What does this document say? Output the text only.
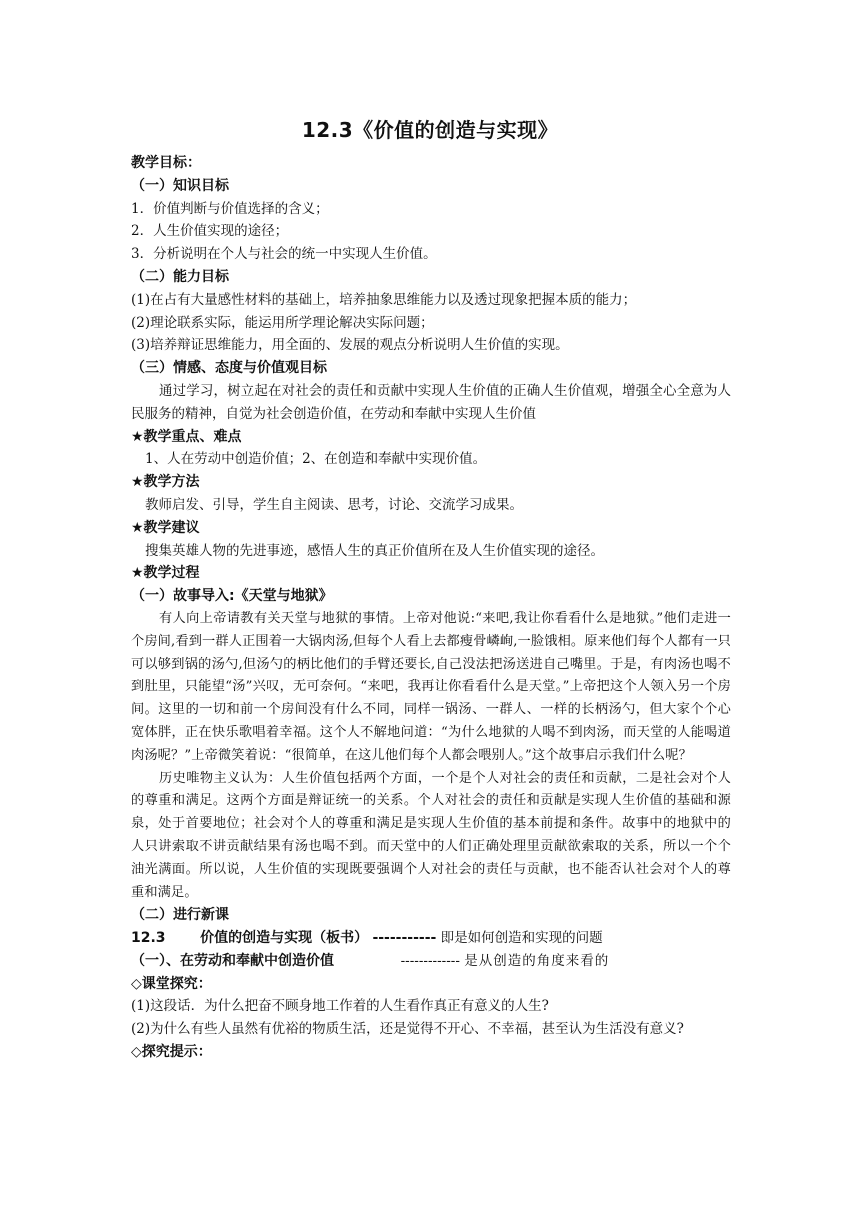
12.3《价值的创造与实现》

教学目标：

（一）知识目标

1．价值判断与价值选择的含义；

2．人生价值实现的途径；

3．分析说明在个人与社会的统一中实现人生价值。

（二）能力目标

(1)在占有大量感性材料的基础上，培养抽象思维能力以及透过现象把握本质的能力；

(2)理论联系实际，能运用所学理论解决实际问题；

(3)培养辩证思维能力，用全面的、发展的观点分析说明人生价值的实现。

（三）情感、态度与价值观目标

通过学习，树立起在对社会的责任和贡献中实现人生价值的正确人生价值观，增强全心全意为人民服务的精神，自觉为社会创造价值，在劳动和奉献中实现人生价值

★教学重点、难点

1、人在劳动中创造价值；2、在创造和奉献中实现价值。

★教学方法

教师启发、引导，学生自主阅读、思考，讨论、交流学习成果。

★教学建议

搜集英雄人物的先进事迹，感悟人生的真正价值所在及人生价值实现的途径。

★教学过程

（一）故事导入:《天堂与地狱》

有人向上帝请教有关天堂与地狱的事情。上帝对他说:“来吧,我让你看看什么是地狱。”他们走进一个房间,看到一群人正围着一大锅肉汤,但每个人看上去都瘦骨嶙峋,一脸饿相。原来他们每个人都有一只可以够到锅的汤勺,但汤勺的柄比他们的手臂还要长,自己没法把汤送进自己嘴里。于是，有肉汤也喝不到肚里，只能望“汤”兴叹，无可奈何。“来吧，我再让你看看什么是天堂。”上帝把这个人领入另一个房间。这里的一切和前一个房间没有什么不同，同样一锅汤、一群人、一样的长柄汤勺，但大家个个心宽体胖，正在快乐歌唱着幸福。这个人不解地问道：“为什么地狱的人喝不到肉汤，而天堂的人能喝道肉汤呢？”上帝微笑着说：“很简单，在这儿他们每个人都会喂别人。”这个故事启示我们什么呢？

历史唯物主义认为：人生价值包括两个方面，一个是个人对社会的责任和贡献，二是社会对个人的尊重和满足。这两个方面是辩证统一的关系。个人对社会的责任和贡献是实现人生价值的基础和源泉，处于首要地位；社会对个人的尊重和满足是实现人生价值的基本前提和条件。故事中的地狱中的人只讲索取不讲贡献结果有汤也喝不到。而天堂中的人们正确处理里贡献欲索取的关系，所以一个个油光满面。所以说，人生价值的实现既要强调个人对社会的责任与贡献，也不能否认社会对个人的尊重和满足。

（二）进行新课

12.3 价值的创造与实现（板书） ----------- 即是如何创造和实现的问题

（一）、在劳动和奉献中创造价值	------------- 是从创造的角度来看的

◇课堂探究：

(1)这段话．为什么把奋不顾身地工作着的人生看作真正有意义的人生?

(2)为什么有些人虽然有优裕的物质生活，还是觉得不开心、不幸福，甚至认为生活没有意义?

◇探究提示：
